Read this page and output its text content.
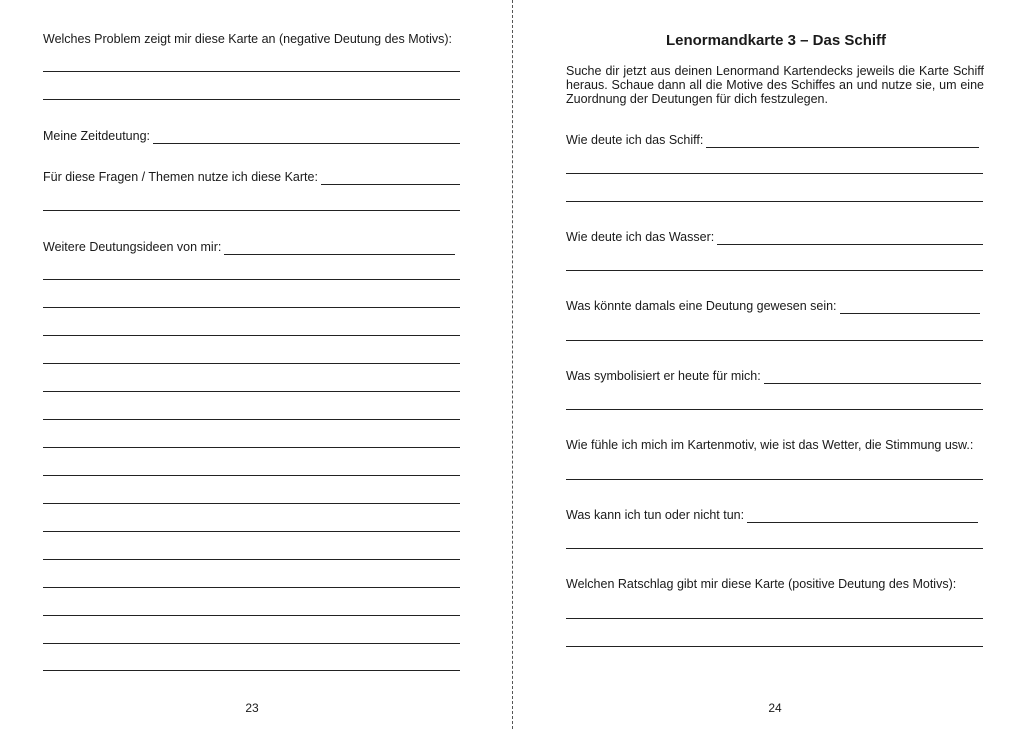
Welches Problem zeigt mir diese Karte an (negative Deutung des Motivs):
Meine Zeitdeutung:
Für diese Fragen / Themen nutze ich diese Karte:
Weitere Deutungsideen von mir:
23
Lenormandkarte 3 – Das Schiff
Suche dir jetzt aus deinen Lenormand Kartendecks jeweils die Karte Schiff heraus. Schaue dann all die Motive des Schiffes an und nutze sie, um eine Zuordnung der Deutungen für dich festzulegen.
Wie deute ich das Schiff:
Wie deute ich das Wasser:
Was könnte damals eine Deutung gewesen sein:
Was symbolisiert er heute für mich:
Wie fühle ich mich im Kartenmotiv, wie ist das Wetter, die Stimmung usw.:
Was kann ich tun oder nicht tun:
Welchen Ratschlag gibt mir diese Karte (positive Deutung des Motivs):
24
